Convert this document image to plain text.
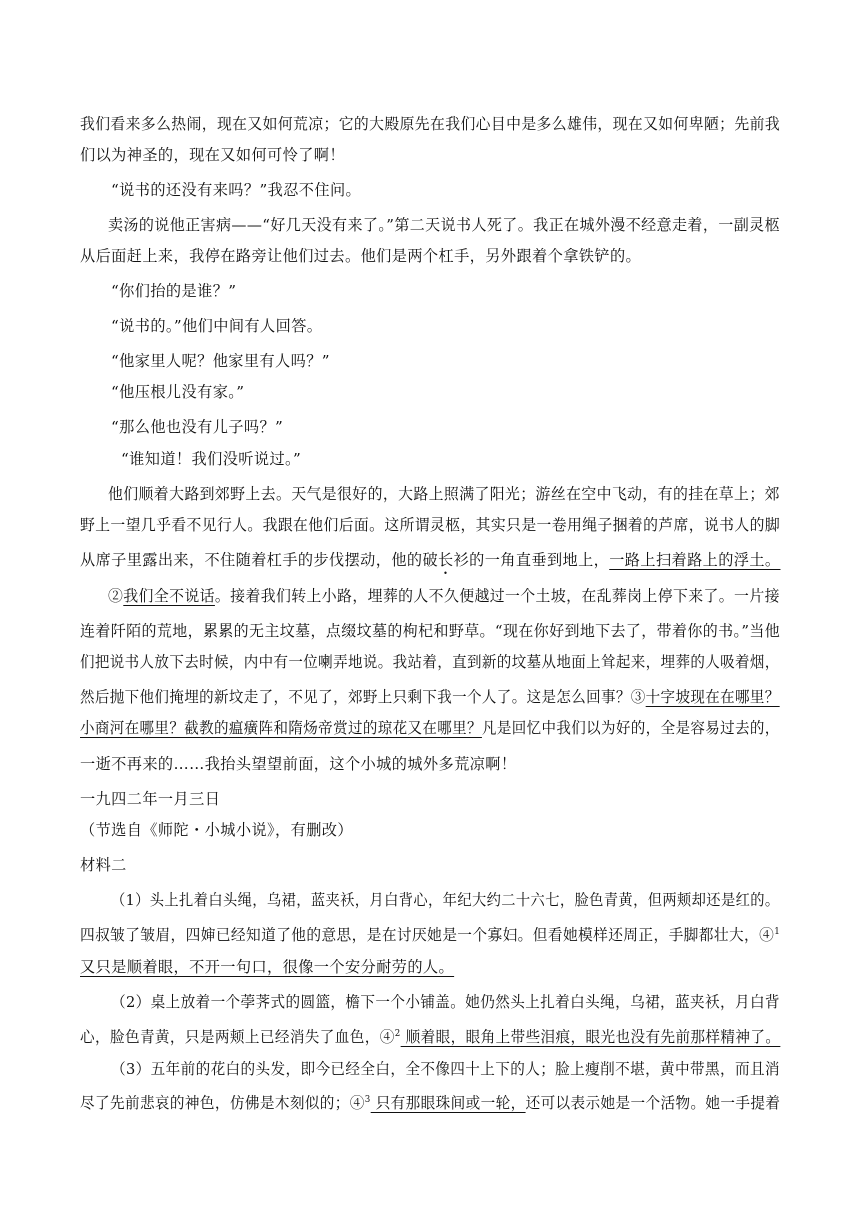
我们看来多么热闹，现在又如何荒凉；它的大殿原先在我们心目中是多么雄伟，现在又如何卑陋；先前我
们以为神圣的，现在又如何可怜了啊！
“说书的还没有来吗？”我忍不住问。
卖汤的说他正害病——“好几天没有来了。”第二天说书人死了。我正在城外漫不经意走着，一副灵柩
从后面赶上来，我停在路旁让他们过去。他们是两个杠手，另外跟着个拿铁铲的。
“你们抬的是谁？”
“说书的。”他们中间有人回答。
“他家里人呢？他家里有人吗？”
“他压根儿没有家。”
“那么他也没有儿子吗？”
“谁知道！我们没听说过。”
他们顺着大路到郊野上去。天气是很好的，大路上照满了阳光；游丝在空中飞动，有的挂在草上；郊
野上一望几乎看不见行人。我跟在他们后面。这所谓灵柩，其实只是一卷用绳子捆着的芦席，说书人的脚
从席子里露出来，不住随着杠手的步伐摆动，他的破长衫的一角直垂到地上，一路上扫着路上的浮土。
②我们全不说话。接着我们转上小路，埋葬的人不久便越过一个土坡，在乱葬岗上停下来了。一片接
连着阡陌的荒地，累累的无主坟墓，点缀坟墓的枸杞和野草。“现在你好到地下去了，带着你的书。”当他
们把说书人放下去时候，内中有一位喇弄地说。我站着，直到新的坟墓从地面上耸起来，埋葬的人吸着烟，
然后抛下他们掩埋的新坟走了，不见了，郊野上只剩下我一个人了。这是怎么回事？③十字坡现在在哪里？
小商河在哪里？截教的瘟癀阵和隋炀帝赏过的琼花又在哪里？凡是回忆中我们以为好的，全是容易过去的，
一逝不再来的……我抬头望望前面，这个小城的城外多荒凉啊！
一九四二年一月三日
（节选自《师陀・小城小说》，有删改）
材料二
（1）头上扎着白头绳，乌裙，蓝夹袄，月白背心，年纪大约二十六七，脸色青黄，但两颊却还是红的。
四叔皱了皱眉，四婶已经知道了他的意思，是在讨厌她是一个寡妇。但看她模样还周正，手脚都壮大，④$^1$
又只是顺着眼，不开一句口，很像一个安分耐劳的人。
（2）桌上放着一个荸荠式的圆篮，檐下一个小铺盖。她仍然头上扎着白头绳，乌裙，蓝夹袄，月白背
心，脸色青黄，只是两颊上已经消失了血色，④$^2$ 顺着眼，眼角上带些泪痕，眼光也没有先前那样精神了。
（3）五年前的花白的头发，即今已经全白，全不像四十上下的人；脸上瘦削不堪，黄中带黑，而且消
尽了先前悲哀的神色，仿佛是木刻似的；④$^3$ 只有那眼珠间或一轮，还可以表示她是一个活物。她一手提着
